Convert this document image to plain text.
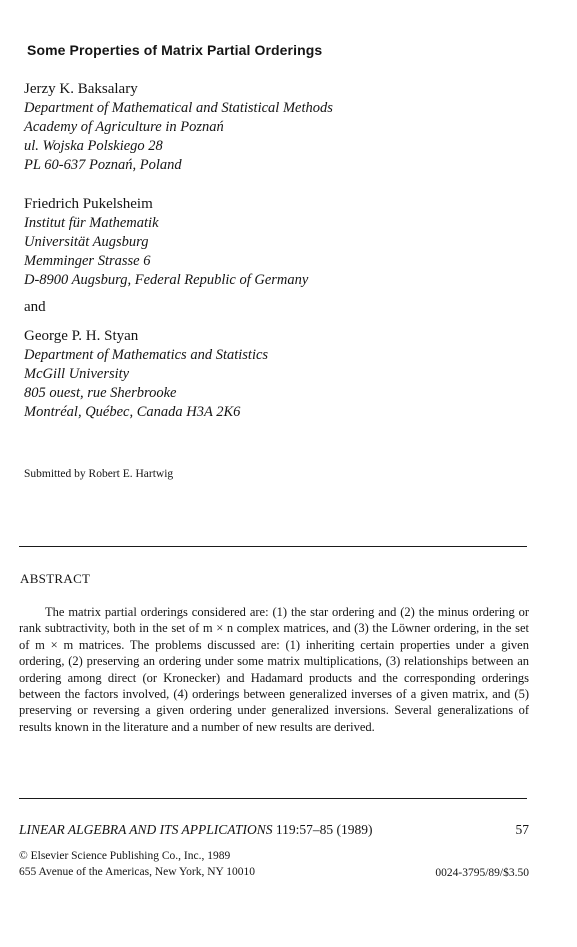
Some Properties of Matrix Partial Orderings
Jerzy K. Baksalary
Department of Mathematical and Statistical Methods
Academy of Agriculture in Poznań
ul. Wojska Polskiego 28
PL 60-637 Poznań, Poland
Friedrich Pukelsheim
Institut für Mathematik
Universität Augsburg
Memminger Strasse 6
D-8900 Augsburg, Federal Republic of Germany
and
George P. H. Styan
Department of Mathematics and Statistics
McGill University
805 ouest, rue Sherbrooke
Montréal, Québec, Canada H3A 2K6
Submitted by Robert E. Hartwig
ABSTRACT

The matrix partial orderings considered are: (1) the star ordering and (2) the minus ordering or rank subtractivity, both in the set of m × n complex matrices, and (3) the Löwner ordering, in the set of m × m matrices. The problems discussed are: (1) inheriting certain properties under a given ordering, (2) preserving an ordering under some matrix multiplications, (3) relationships between an ordering among direct (or Kronecker) and Hadamard products and the corresponding orderings between the factors involved, (4) orderings between generalized inverses of a given matrix, and (5) preserving or reversing a given ordering under generalized inversions. Several generalizations of results known in the literature and a number of new results are derived.

LINEAR ALGEBRA AND ITS APPLICATIONS 119:57–85 (1989)	57
© Elsevier Science Publishing Co., Inc., 1989
655 Avenue of the Americas, New York, NY 10010	0024-3795/89/$3.50
